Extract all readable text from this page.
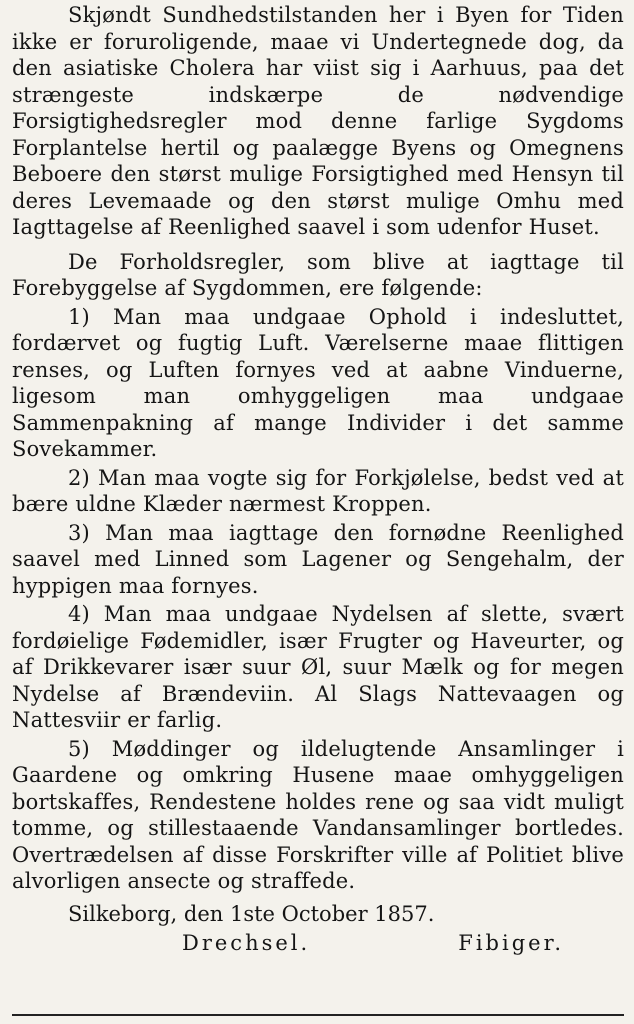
Skjøndt Sundhedstilstanden her i Byen for Tiden ikke er foruroligende, maae vi Undertegnede dog, da den asiatiske Cholera har viist sig i Aarhuus, paa det strængeste indskærpe de nødvendige Forsigtighedsregler mod denne farlige Sygdoms Forplantelse hertil og paalægge Byens og Omegnens Beboere den størst mulige Forsigtighed med Hensyn til deres Levemaade og den størst mulige Omhu med Iagttagelse af Reenlighed saavel i som udenfor Huset.

De Forholdsregler, som blive at iagttage til Forebyggelse af Sygdommen, ere følgende:

1) Man maa undgaae Ophold i indesluttet, fordærvet og fugtig Luft. Værelserne maae flittigen renses, og Luften fornyes ved at aabne Vinduerne, ligesom man omhyggeligen maa undgaae Sammenpakning af mange Individer i det samme Sovekammer.

2) Man maa vogte sig for Forkjølelse, bedst ved at bære uldne Klæder nærmest Kroppen.

3) Man maa iagttage den fornødne Reenlighed saavel med Linned som Lagener og Sengehalm, der hyppigen maa fornyes.

4) Man maa undgaae Nydelsen af slette, svært fordøielige Fødemidler, især Frugter og Haveurter, og af Drikkevarer især suur Øl, suur Mælk og for megen Nydelse af Brændeviin. Al Slags Nattevaagen og Nattesviir er farlig.

5) Møddinger og ildelugtende Ansamlinger i Gaardene og omkring Husene maae omhyggeligen bortskaffes, Rendestene holdes rene og saa vidt muligt tomme, og stillestaaende Vandansamlinger bortledes. Overtrædelsen af disse Forskrifter ville af Politiet blive alvorligen ansecte og straffede.

Silkeborg, den 1ste October 1857.
Drechsel.	Fibiger.
